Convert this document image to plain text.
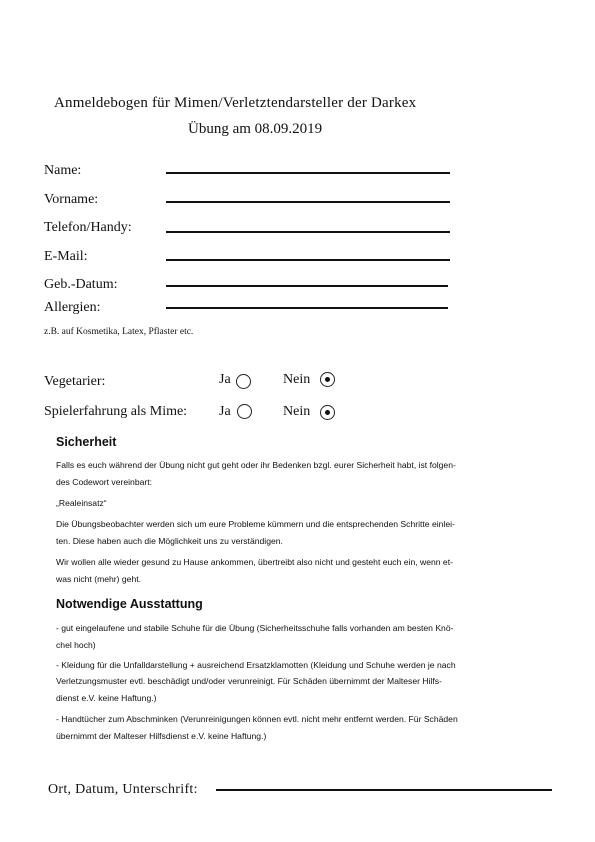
Anmeldebogen für Mimen/Verletztendarsteller der Darkex
Übung am 08.09.2019
Name:
Vorname:
Telefon/Handy:
E-Mail:
Geb.-Datum:
Allergien:
z.B. auf Kosmetika, Latex, Pflaster etc.
Vegetarier:	Ja	Nein
Spielerfahrung als Mime: Ja	Nein
Sicherheit
Falls es euch während der Übung nicht gut geht oder ihr Bedenken bzgl. eurer Sicherheit habt, ist folgen-
des Codewort vereinbart:
„Realeinsatz“
Die Übungsbeobachter werden sich um eure Probleme kümmern und die entsprechenden Schritte einlei-
ten. Diese haben auch die Möglichkeit uns zu verständigen.
Wir wollen alle wieder gesund zu Hause ankommen, übertreibt also nicht und gesteht euch ein, wenn et-
was nicht (mehr) geht.
Notwendige Ausstattung
- gut eingelaufene und stabile Schuhe für die Übung (Sicherheitsschuhe falls vorhanden am besten Knö-
chel hoch)
- Kleidung für die Unfalldarstellung + ausreichend Ersatzklamotten (Kleidung und Schuhe werden je nach
Verletzungsmuster evtl. beschädigt und/oder verunreinigt. Für Schäden übernimmt der Malteser Hilfs-
dienst e.V. keine Haftung.)
- Handtücher zum Abschminken (Verunreinigungen können evtl. nicht mehr entfernt werden. Für Schäden
übernimmt der Malteser Hilfsdienst e.V. keine Haftung.)
Ort, Datum, Unterschrift:
